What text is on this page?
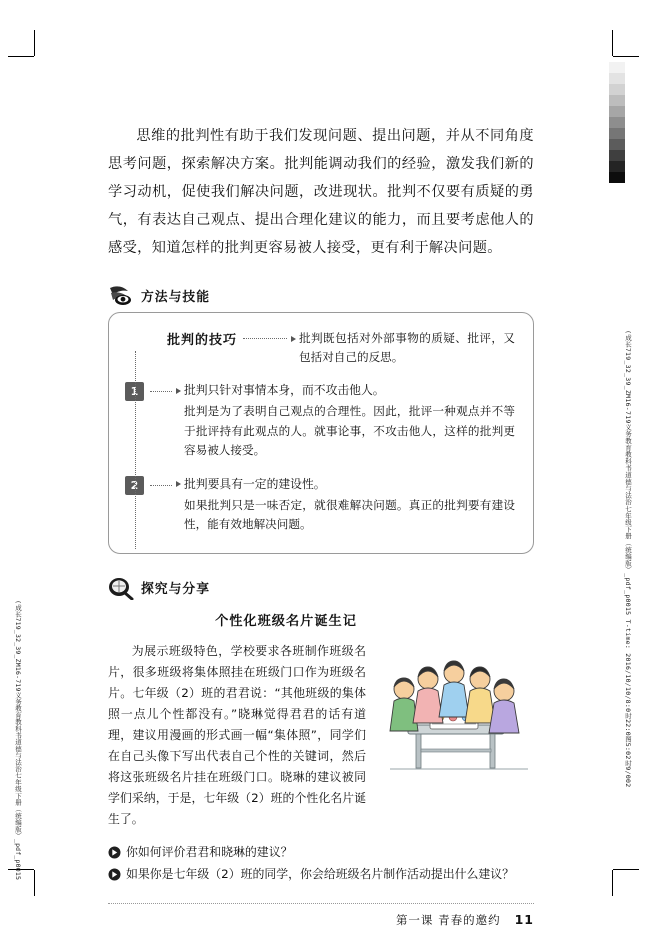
(成长719_32_39_ZM16-719义务教育教科书道德与法治七年级下册（统编版）_pdf_p0015 T-time: 2016/10/10/8:0时22:0图5:02时9/002
(成长719_32_39_ZM16-719义务教育教科书道德与法治七年级下册（统编版）_pdf_p0015

思维的批判性有助于我们发现问题、提出问题，并从不同角度思考问题，探索解决方案。批判能调动我们的经验，激发我们新的学习动机，促使我们解决问题，改进现状。批判不仅要有质疑的勇气，有表达自己观点、提出合理化建议的能力，而且要考虑他人的感受，知道怎样的批判更容易被人接受，更有利于解决问题。

方法与技能
批判的技巧	批判既包括对外部事物的质疑、批评，又包括对自己的反思。
1	批判只针对事情本身，而不攻击他人。
批判是为了表明自己观点的合理性。因此，批评一种观点并不等于批评持有此观点的人。就事论事，不攻击他人，这样的批判更容易被人接受。
2	批判要具有一定的建设性。
如果批判只是一味否定，就很难解决问题。真正的批判要有建设性，能有效地解决问题。
探究与分享
个性化班级名片诞生记

为展示班级特色，学校要求各班制作班级名片，很多班级将集体照挂在班级门口作为班级名片。七年级（2）班的君君说：“其他班级的集体照一点儿个性都没有。”晓琳觉得君君的话有道理，建议用漫画的形式画一幅“集体照”，同学们在自己头像下写出代表自己个性的关键词，然后将这张班级名片挂在班级门口。晓琳的建议被同学们采纳，于是，七年级（2）班的个性化名片诞生了。

你如何评价君君和晓琳的建议？
如果你是七年级（2）班的同学，你会给班级名片制作活动提出什么建议？
第一课 青春的邀约 11
